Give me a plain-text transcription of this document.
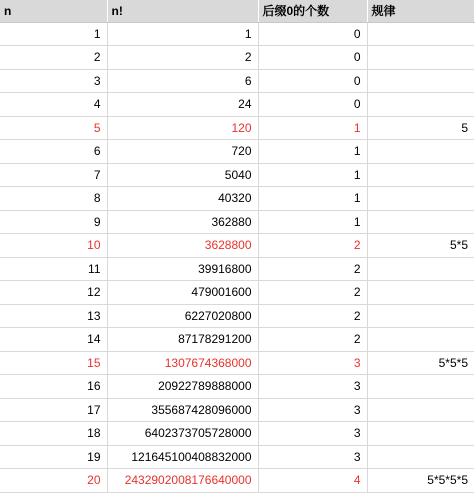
n	n!	后缀0的个数	规律
1	1	0	
2	2	0	
3	6	0	
4	24	0	
5	120	1	5
6	720	1	
7	5040	1	
8	40320	1	
9	362880	1	
10	3628800	2	5*5
11	39916800	2	
12	479001600	2	
13	6227020800	2	
14	87178291200	2	
15	1307674368000	3	5*5*5
16	20922789888000	3	
17	355687428096000	3	
18	6402373705728000	3	
19	121645100408832000	3	
20	2432902008176640000	4	5*5*5*5
